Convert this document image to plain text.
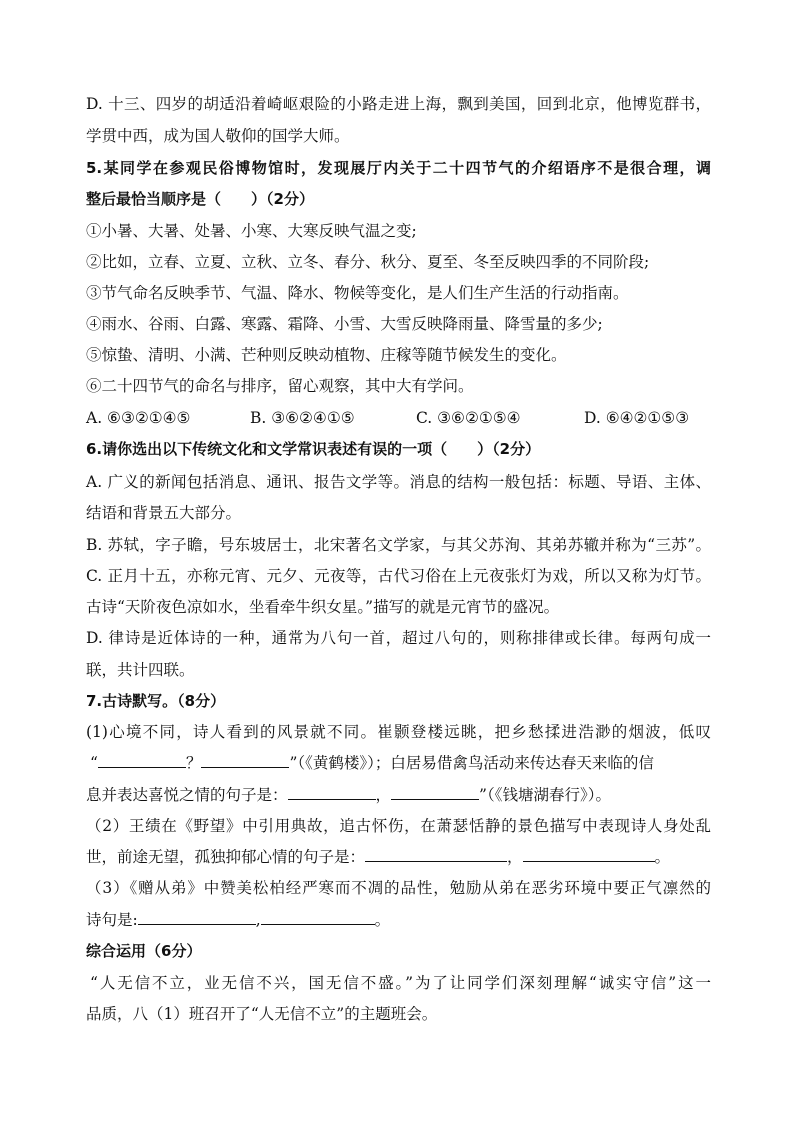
D. 十三、四岁的胡适沿着崎岖艰险的小路走进上海，飘到美国，回到北京，他博览群书，
学贯中西，成为国人敬仰的国学大师。
5.某同学在参观民俗博物馆时，发现展厅内关于二十四节气的介绍语序不是很合理，调
整后最恰当顺序是（　　）（2分）
①小暑、大暑、处暑、小寒、大寒反映气温之变;
②比如，立春、立夏、立秋、立冬、春分、秋分、夏至、冬至反映四季的不同阶段;
③节气命名反映季节、气温、降水、物候等变化，是人们生产生活的行动指南。
④雨水、谷雨、白露、寒露、霜降、小雪、大雪反映降雨量、降雪量的多少;
⑤惊蛰、清明、小满、芒种则反映动植物、庄稼等随节候发生的变化。
⑥二十四节气的命名与排序，留心观察，其中大有学问。
A. ⑥③②①④⑤	B. ③⑥②④①⑤	C. ③⑥②①⑤④	D. ⑥④②①⑤③
6.请你选出以下传统文化和文学常识表述有误的一项（　　）（2分）
A. 广义的新闻包括消息、通讯、报告文学等。消息的结构一般包括：标题、导语、主体、
结语和背景五大部分。
B. 苏轼，字子瞻，号东坡居士，北宋著名文学家，与其父苏洵、其弟苏辙并称为“三苏”。
C. 正月十五，亦称元宵、元夕、元夜等，古代习俗在上元夜张灯为戏，所以又称为灯节。
古诗“天阶夜色凉如水，坐看牵牛织女星。”描写的就是元宵节的盛况。
D. 律诗是近体诗的一种，通常为八句一首，超过八句的，则称排律或长律。每两句成一
联，共计四联。
7.古诗默写。（8分）
(1)心境不同，诗人看到的风景就不同。崔颢登楼远眺，把乡愁揉进浩渺的烟波，低叹
“	？	”（《黄鹤楼》）；白居易借禽鸟活动来传达春天来临的信
息并表达喜悦之情的句子是：	，	”（《钱塘湖春行》）。
（2）王绩在《野望》中引用典故，追古怀伤，在萧瑟恬静的景色描写中表现诗人身处乱
世，前途无望，孤独抑郁心情的句子是：	，	。
（3）《赠从弟》中赞美松柏经严寒而不凋的品性，勉励从弟在恶劣环境中要正气凛然的
诗句是:	,	。
综合运用（6分）
“人无信不立，业无信不兴，国无信不盛。”为了让同学们深刻理解“诚实守信”这一
品质，八（1）班召开了“人无信不立”的主题班会。
